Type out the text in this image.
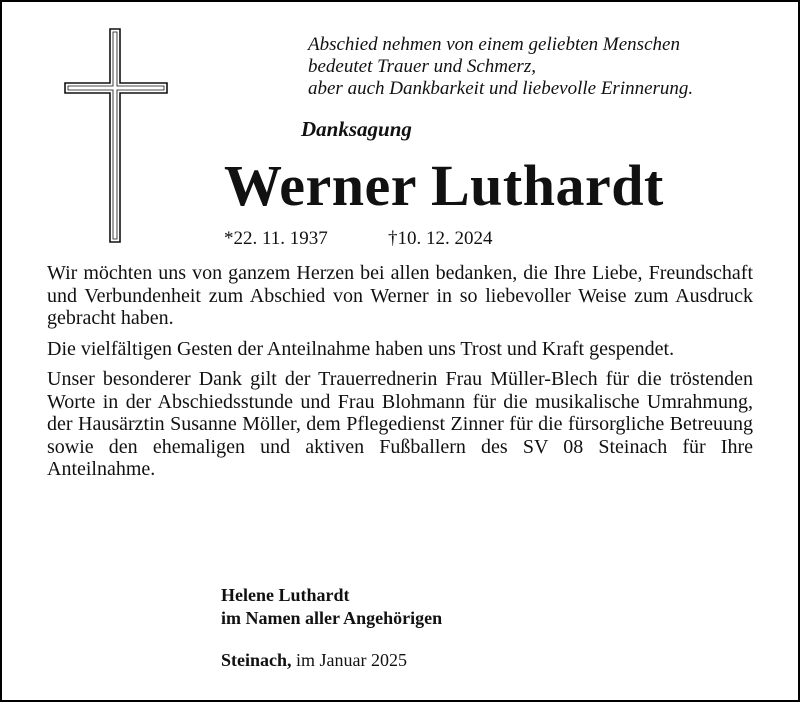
Abschied nehmen von einem geliebten Menschen
bedeutet Trauer und Schmerz,
aber auch Dankbarkeit und liebevolle Erinnerung.
Danksagung
Werner Luthardt
*22. 11. 1937	†10. 12. 2024

Wir möchten uns von ganzem Herzen bei allen bedanken, die Ihre Liebe, Freundschaft und Verbundenheit zum Abschied von Werner in so liebevoller Weise zum Ausdruck gebracht haben.

Die vielfältigen Gesten der Anteilnahme haben uns Trost und Kraft gespendet.

Unser besonderer Dank gilt der Trauerrednerin Frau Müller-Blech für die tröstenden Worte in der Abschiedsstunde und Frau Blohmann für die musikalische Umrahmung, der Hausärztin Susanne Möller, dem Pflegedienst Zinner für die fürsorgliche Betreuung sowie den ehemaligen und aktiven Fußballern des SV 08 Steinach für Ihre Anteilnahme.

Helene Luthardt
im Namen aller Angehörigen
Steinach, im Januar 2025
